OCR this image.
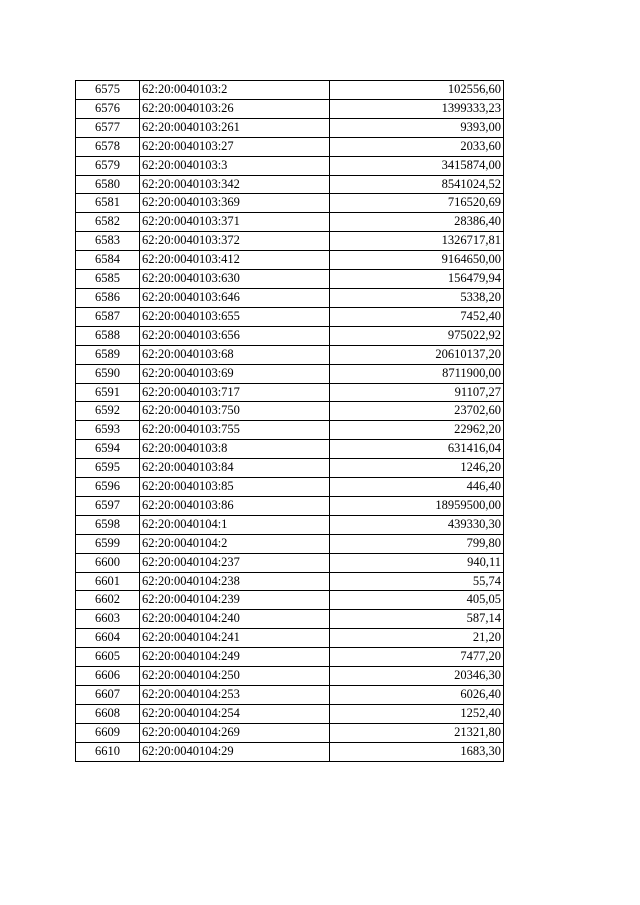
6575	62:20:0040103:2	102556,60
6576	62:20:0040103:26	1399333,23
6577	62:20:0040103:261	9393,00
6578	62:20:0040103:27	2033,60
6579	62:20:0040103:3	3415874,00
6580	62:20:0040103:342	8541024,52
6581	62:20:0040103:369	716520,69
6582	62:20:0040103:371	28386,40
6583	62:20:0040103:372	1326717,81
6584	62:20:0040103:412	9164650,00
6585	62:20:0040103:630	156479,94
6586	62:20:0040103:646	5338,20
6587	62:20:0040103:655	7452,40
6588	62:20:0040103:656	975022,92
6589	62:20:0040103:68	20610137,20
6590	62:20:0040103:69	8711900,00
6591	62:20:0040103:717	91107,27
6592	62:20:0040103:750	23702,60
6593	62:20:0040103:755	22962,20
6594	62:20:0040103:8	631416,04
6595	62:20:0040103:84	1246,20
6596	62:20:0040103:85	446,40
6597	62:20:0040103:86	18959500,00
6598	62:20:0040104:1	439330,30
6599	62:20:0040104:2	799,80
6600	62:20:0040104:237	940,11
6601	62:20:0040104:238	55,74
6602	62:20:0040104:239	405,05
6603	62:20:0040104:240	587,14
6604	62:20:0040104:241	21,20
6605	62:20:0040104:249	7477,20
6606	62:20:0040104:250	20346,30
6607	62:20:0040104:253	6026,40
6608	62:20:0040104:254	1252,40
6609	62:20:0040104:269	21321,80
6610	62:20:0040104:29	1683,30
